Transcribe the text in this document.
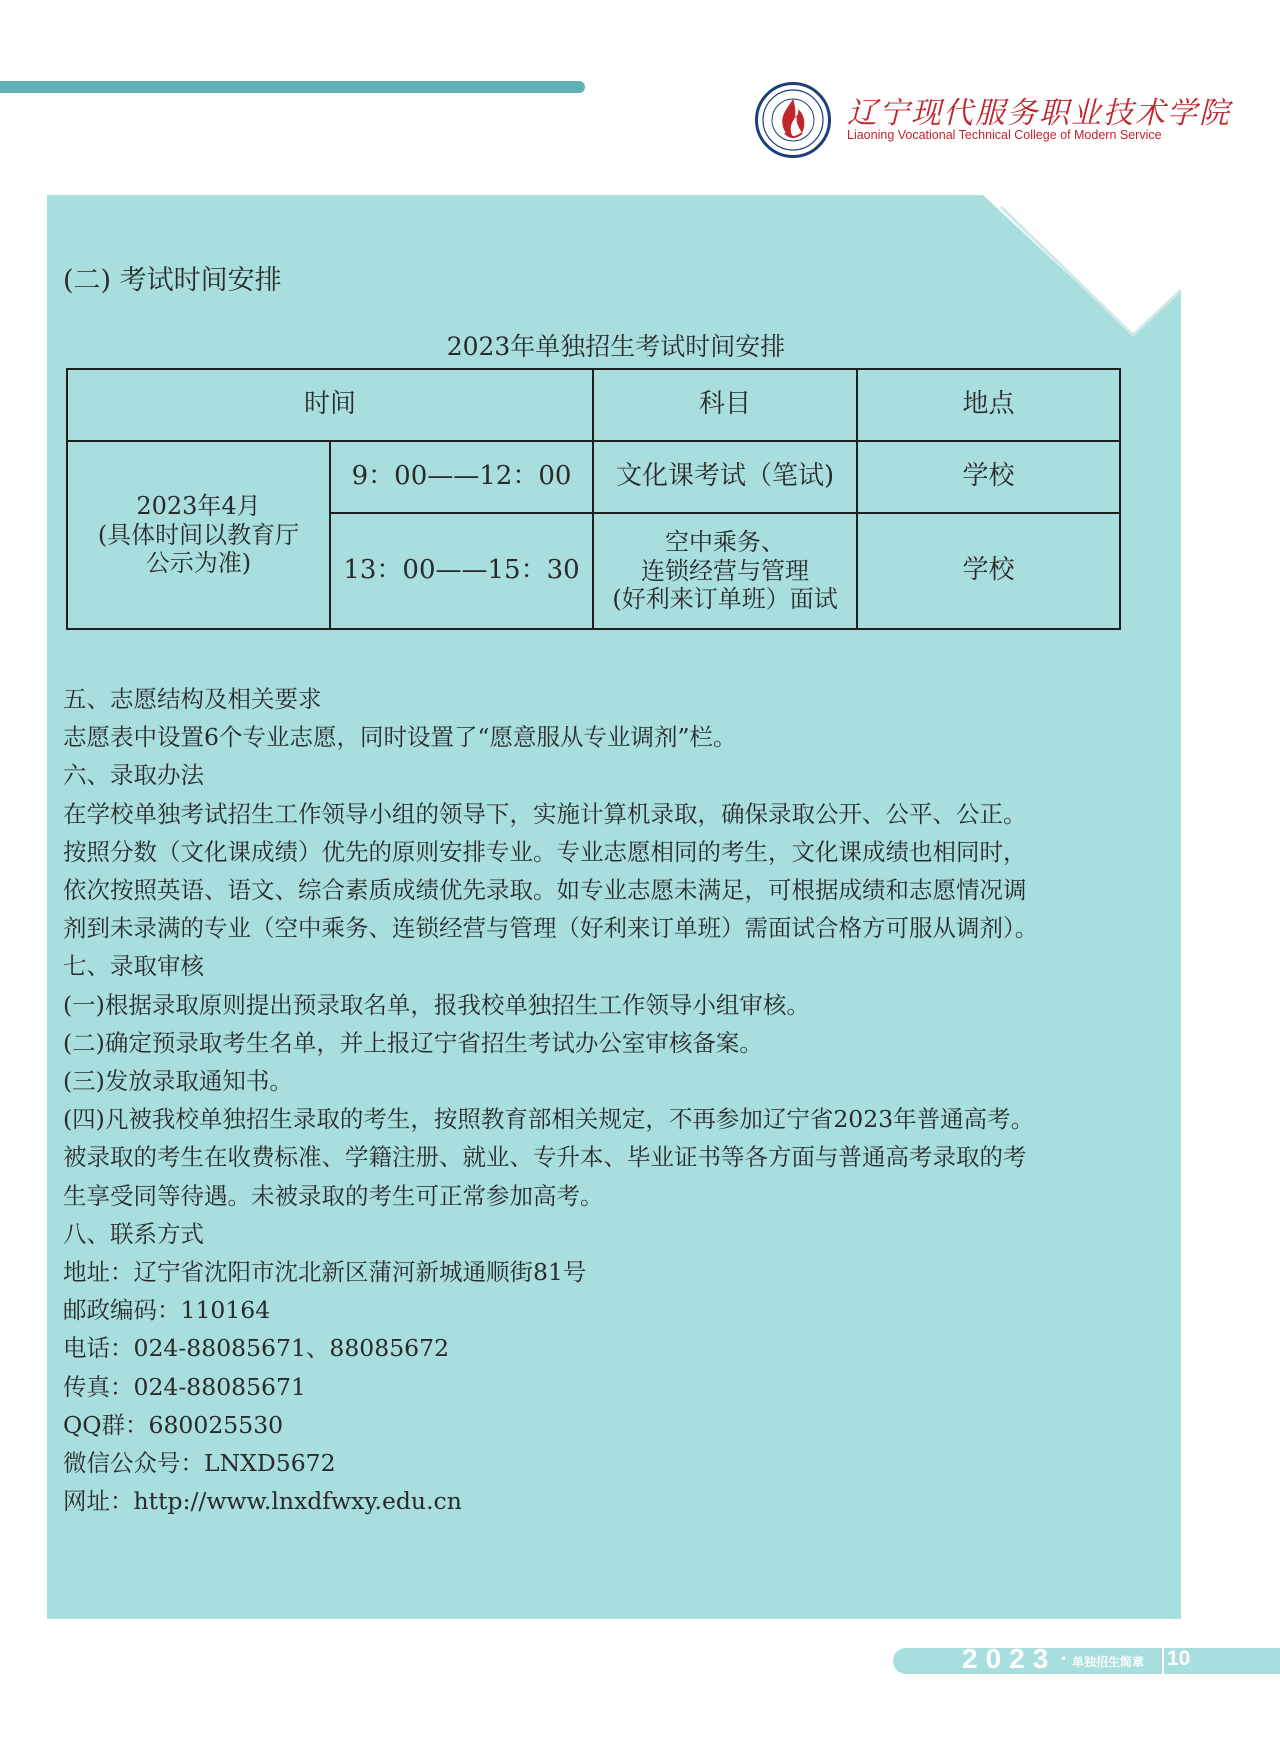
辽宁现代服务职业技术学院
Liaoning Vocational Technical College of Modern Service
(二) 考试时间安排
2023年单独招生考试时间安排
时间		科目	地点

2023年4月
(具体时间以教育厅
公示为准)	9：00——12：00	文化课考试（笔试)	学校
	13：00——15：30	空中乘务、
连锁经营与管理
(好利来订单班）面试	学校
五、志愿结构及相关要求
志愿表中设置6个专业志愿，同时设置了“愿意服从专业调剂”栏。
六、录取办法
在学校单独考试招生工作领导小组的领导下，实施计算机录取，确保录取公开、公平、公正。
按照分数（文化课成绩）优先的原则安排专业。专业志愿相同的考生，文化课成绩也相同时，
依次按照英语、语文、综合素质成绩优先录取。如专业志愿未满足，可根据成绩和志愿情况调
剂到未录满的专业（空中乘务、连锁经营与管理（好利来订单班）需面试合格方可服从调剂）。
七、录取审核
(一)根据录取原则提出预录取名单，报我校单独招生工作领导小组审核。
(二)确定预录取考生名单，并上报辽宁省招生考试办公室审核备案。
(三)发放录取通知书。
(四)凡被我校单独招生录取的考生，按照教育部相关规定，不再参加辽宁省2023年普通高考。
被录取的考生在收费标准、学籍注册、就业、专升本、毕业证书等各方面与普通高考录取的考
生享受同等待遇。未被录取的考生可正常参加高考。
八、联系方式
地址：辽宁省沈阳市沈北新区蒲河新城通顺街81号
邮政编码：110164
电话：024-88085671、88085672
传真：024-88085671
QQ群：680025530
微信公众号：LNXD5672
网址：http://www.lnxdfwxy.edu.cn
2023 • 单独招生简章 10
